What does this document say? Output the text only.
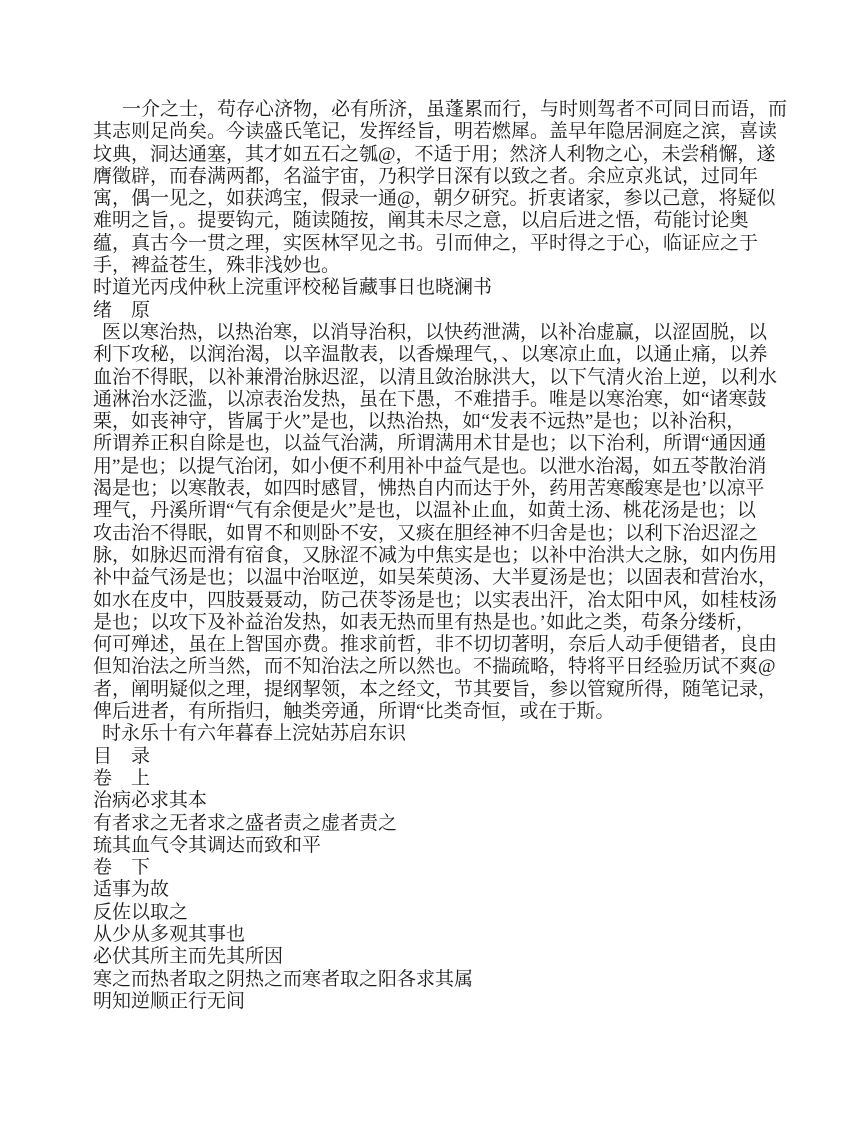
一介之士，苟存心济物，必有所济，虽蓬累而行，与时则驾者不可同日而语，而
其志则足尚矣。今读盛氏笔记，发挥经旨，明若燃犀。盖早年隐居洞庭之滨，喜读
坟典，洞达通塞，其才如五石之瓠@，不适于用；然济人利物之心，未尝稍懈，遂
膺徵辟，而春满两都，名溢宇宙，乃积学日深有以致之者。余应京兆试，过同年
寓，偶一见之，如获鸿宝，假录一通@，朝夕研究。折衷诸家，参以己意，将疑似
难明之旨，。提要钩元，随读随按，阐其未尽之意，以启后进之悟，苟能讨论奥
蕴，真古今一贯之理，实医林罕见之书。引而伸之，平时得之于心，临证应之于
手，裨益苍生，殊非浅妙也。
时道光丙戌仲秋上浣重评校秘旨藏事日也晓澜书
绪　原
医以寒治热，以热治寒，以消导治积，以快药泄满，以补冶虚赢，以涩固脱，以
利下攻秘，以润治渴，以辛温散表，以香燥理气，、以寒凉止血，以通止痛，以养
血治不得眠，以补兼滑治脉迟涩，以清且敛治脉洪大，以下气清火治上逆，以利水
通淋治水泛滥，以凉表治发热，虽在下愚，不难措手。唯是以寒治寒，如“诸寒鼓
栗，如丧神守，皆属于火”是也，以热治热，如“发表不远热”是也；以补治积，
所谓养正积自除是也，以益气治满，所谓满用术甘是也；以下治利，所谓“通因通
用”是也；以提气治闭，如小便不利用补中益气是也。以泄水治渴，如五苓散治消
渴是也；以寒散表，如四时感冒，怫热自内而达于外，药用苦寒酸寒是也’以凉平
理气，丹溪所谓“气有余便是火”是也，以温补止血，如黄土汤、桃花汤是也；以
攻击治不得眠，如胃不和则卧不安，又痰在胆经神不归舍是也；以利下治迟涩之
脉，如脉迟而滑有宿食，又脉涩不减为中焦实是也；以补中治洪大之脉，如内伤用
补中益气汤是也；以温中治呕逆，如吴茱萸汤、大半夏汤是也；以固表和营治水，
如水在皮中，四肢聂聂动，防己茯苓汤是也；以实表出汗，冶太阳中风，如桂枝汤
是也；以攻下及补益治发热，如表无热而里有热是也。’如此之类，苟条分缕析，
何可殚述，虽在上智国亦费。推求前哲，非不切切著明，奈后人动手便错者，良由
但知治法之所当然，而不知治法之所以然也。不揣疏略，特将平日经验历试不爽@
者，阐明疑似之理，提纲挈领，本之经文，节其要旨，参以管窥所得，随笔记录，
俾后进者，有所指归，触类旁通，所谓“比类奇恒，或在于斯。
时永乐十有六年暮春上浣姑苏启东识
目　录
卷　上
治病必求其本
有者求之无者求之盛者责之虚者责之
琉其血气令其调达而致和平
卷　下
适事为故
反佐以取之
从少从多观其事也
必伏其所主而先其所因
寒之而热者取之阴热之而寒者取之阳各求其属
明知逆顺正行无间
